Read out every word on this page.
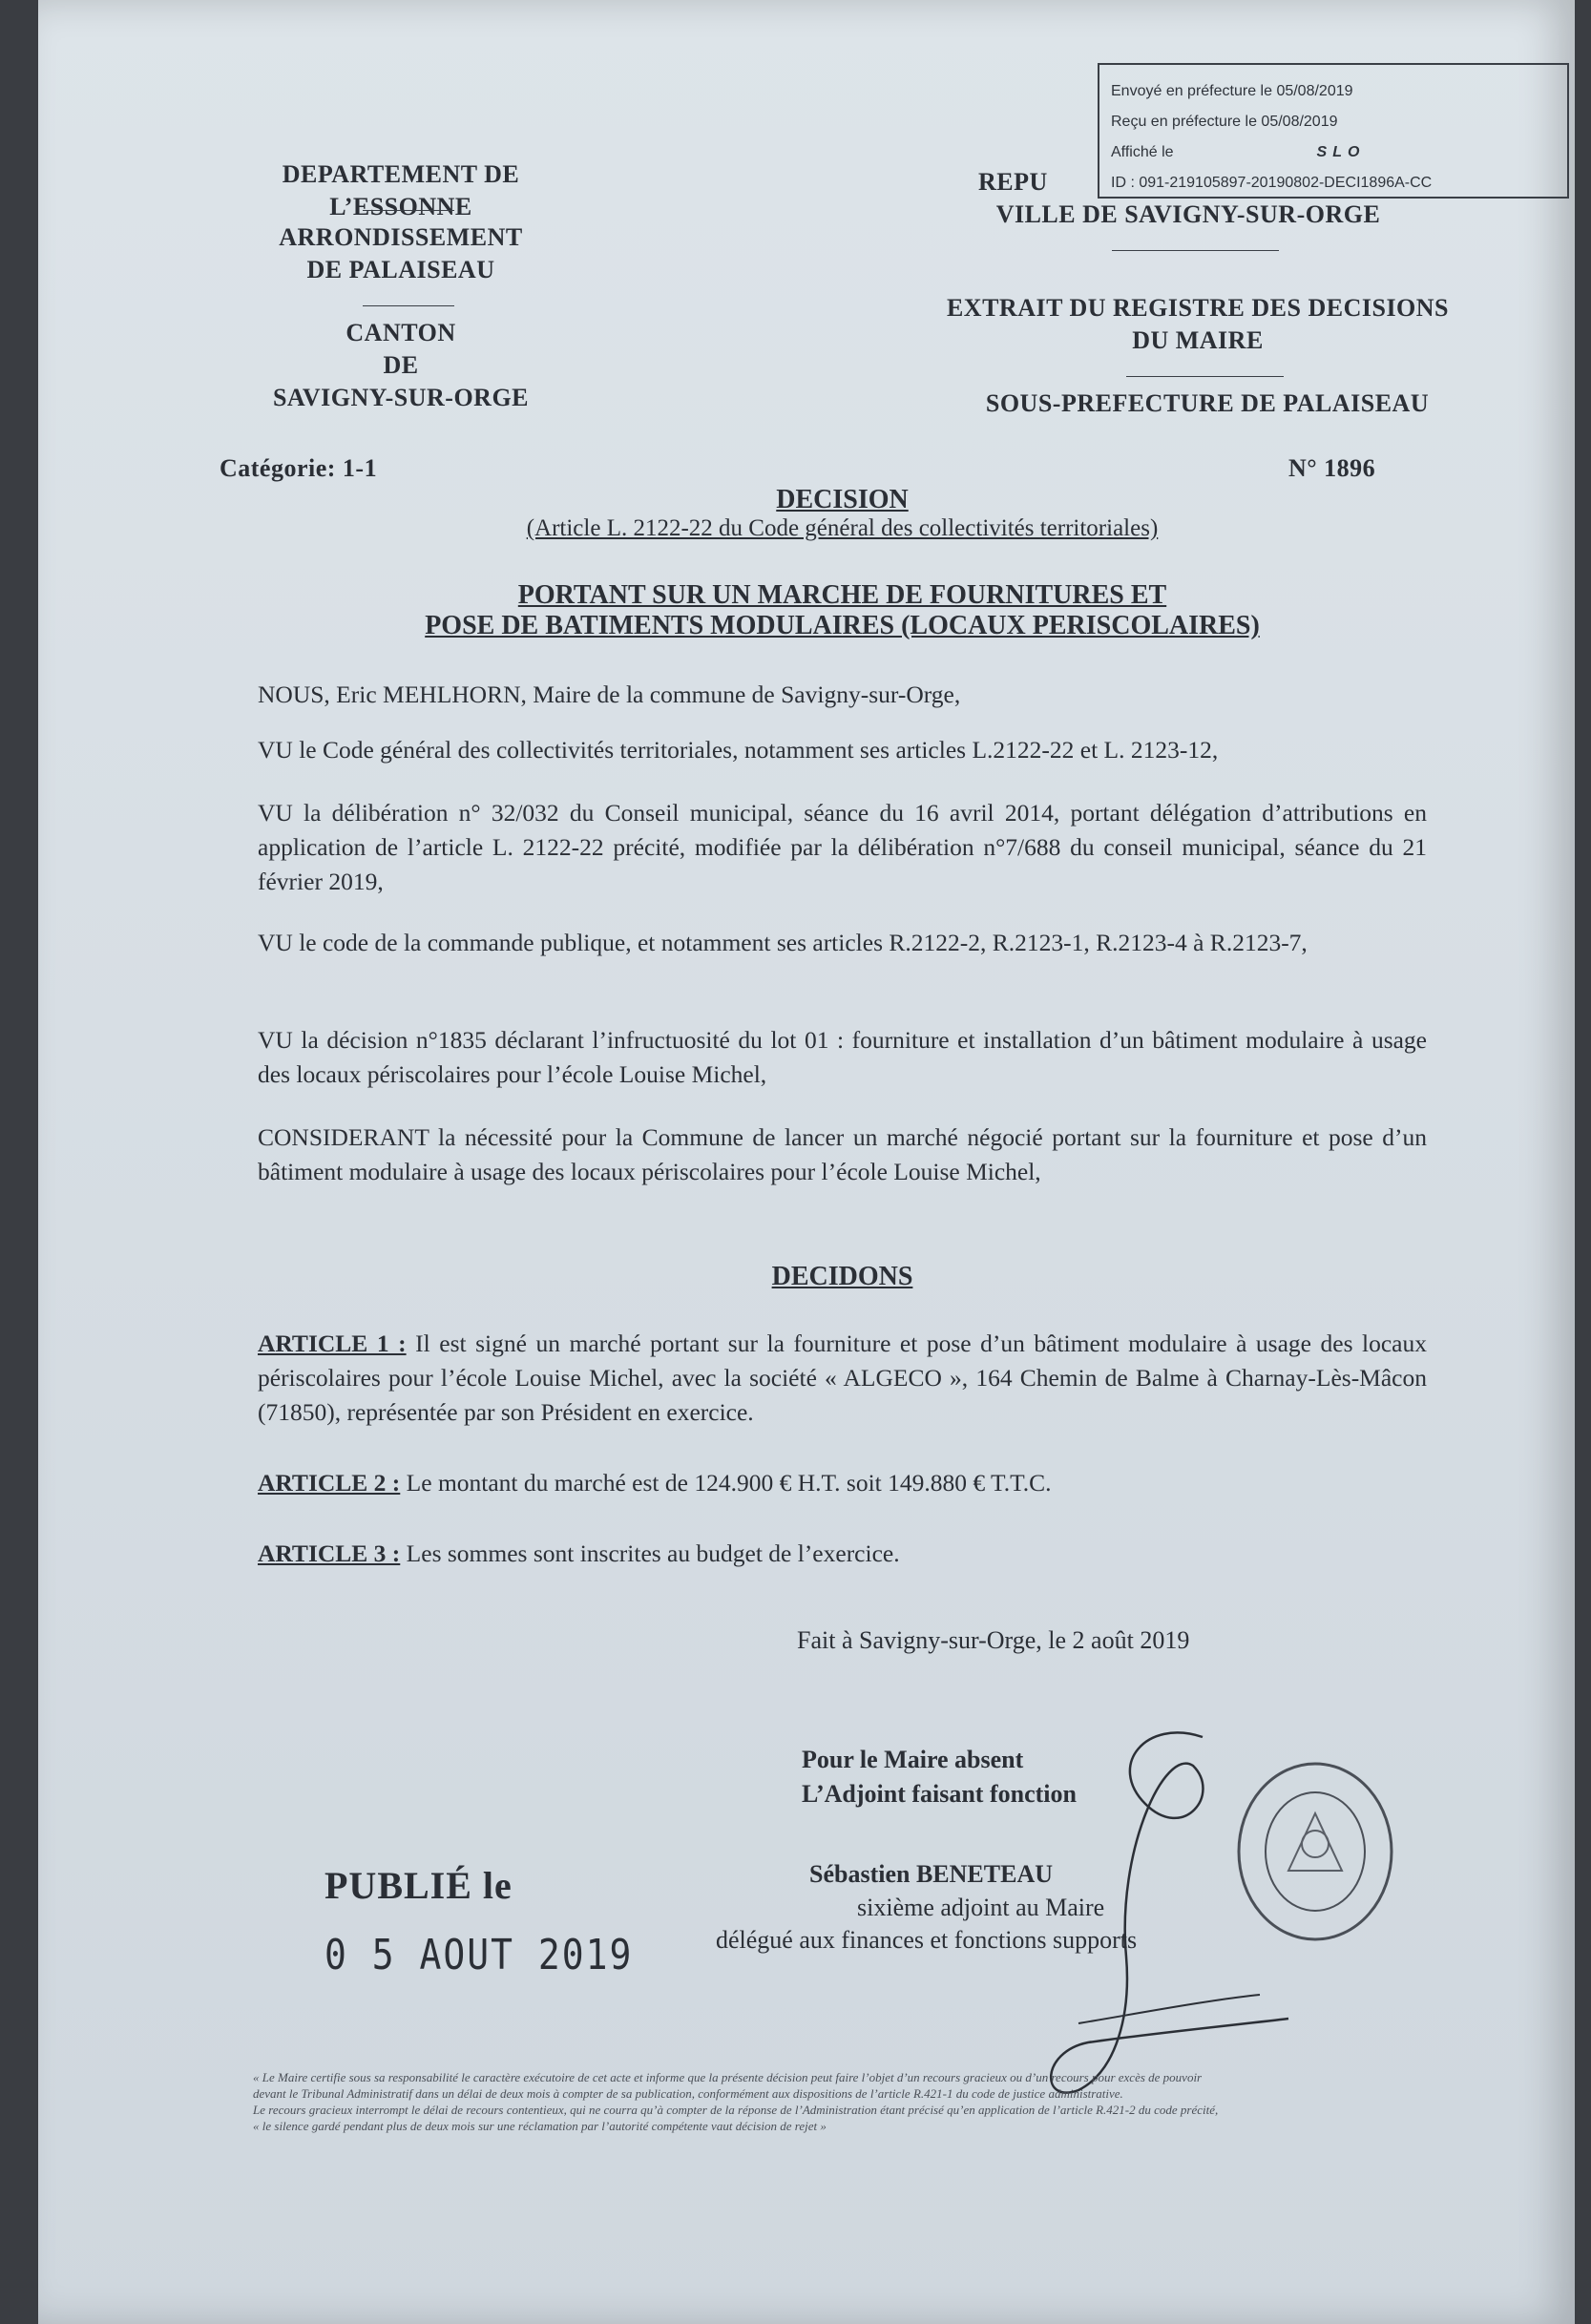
Envoyé en préfecture le 05/08/2019
Reçu en préfecture le 05/08/2019
Affiché le	SLO
ID : 091-219105897-20190802-DECI1896A-CC
DEPARTEMENT DE L’ESSONNE
ARRONDISSEMENT
DE PALAISEAU
CANTON
DE
SAVIGNY-SUR-ORGE
REPU
VILLE DE SAVIGNY-SUR-ORGE
EXTRAIT DU REGISTRE DES DECISIONS
DU MAIRE
SOUS-PREFECTURE DE PALAISEAU
Catégorie: 1-1	N° 1896
DECISION
(Article L. 2122-22 du Code général des collectivités territoriales)
PORTANT SUR UN MARCHE DE FOURNITURES ET
POSE DE BATIMENTS MODULAIRES (LOCAUX PERISCOLAIRES)
NOUS, Eric MEHLHORN, Maire de la commune de Savigny-sur-Orge,
VU le Code général des collectivités territoriales, notamment ses articles L.2122-22 et L. 2123-12,
VU la délibération n° 32/032 du Conseil municipal, séance du 16 avril 2014, portant délégation d’attributions en application de l’article L. 2122-22 précité, modifiée par la délibération n°7/688 du conseil municipal, séance du 21 février 2019,
VU le code de la commande publique, et notamment ses articles R.2122-2, R.2123-1, R.2123-4 à R.2123-7,
VU la décision n°1835 déclarant l’infructuosité du lot 01 : fourniture et installation d’un bâtiment modulaire à usage des locaux périscolaires pour l’école Louise Michel,
CONSIDERANT la nécessité pour la Commune de lancer un marché négocié portant sur la fourniture et pose d’un bâtiment modulaire à usage des locaux périscolaires pour l’école Louise Michel,
DECIDONS
ARTICLE 1 : Il est signé un marché portant sur la fourniture et pose d’un bâtiment modulaire à usage des locaux périscolaires pour l’école Louise Michel, avec la société « ALGECO », 164 Chemin de Balme à Charnay-Lès-Mâcon (71850), représentée par son Président en exercice.
ARTICLE 2 : Le montant du marché est de 124.900 € H.T. soit 149.880 € T.T.C.
ARTICLE 3 : Les sommes sont inscrites au budget de l’exercice.
Fait à Savigny-sur-Orge, le 2 août 2019
Pour le Maire absent
L’Adjoint faisant fonction
Sébastien BENETEAU
sixième adjoint au Maire
délégué aux finances et fonctions supports
PUBLIÉ le
0 5 AOUT 2019
« Le Maire certifie sous sa responsabilité le caractère exécutoire de cet acte et informe que la présente décision peut faire l’objet d’un recours gracieux ou d’un recours pour excès de pouvoir
devant le Tribunal Administratif dans un délai de deux mois à compter de sa publication, conformément aux dispositions de l’article R.421-1 du code de justice administrative.
Le recours gracieux interrompt le délai de recours contentieux, qui ne courra qu’à compter de la réponse de l’Administration étant précisé qu’en application de l’article R.421-2 du code précité,
« le silence gardé pendant plus de deux mois sur une réclamation par l’autorité compétente vaut décision de rejet »
